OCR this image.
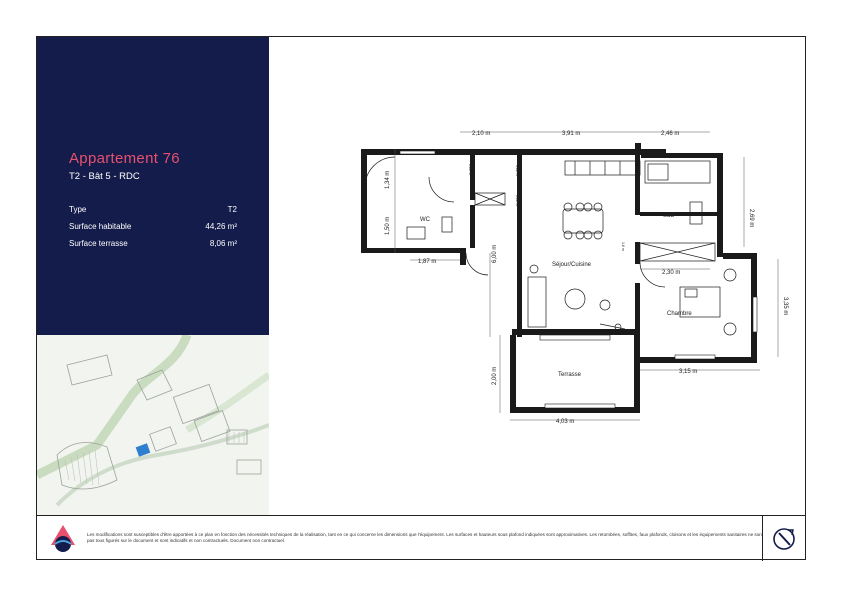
Appartement 76
T2 - Bât 5 - RDC
Type	T2
Surface habitable	44,26 m²
Surface terrasse	8,06 m²
WC
SdB
Séjour/Cuisine
Chambre
Terrasse
2,10 m	3,91 m	2,46 m
1,87 m
2,30 m
3,15 m
4,03 m
1,34 m
1,50 m	2,69 m
6,00 m
3,35 m
2,00 m
0,81 m	1,88 m
0,81 m
1,6 m
Les modifications sont susceptibles d'être apportées à ce plan en fonction des nécessités techniques de la réalisation, tant en ce qui concerne les dimensions que l'équipement. Les surfaces et hauteurs sous plafond indiquées sont approximatives. Les retombées, soffites, faux plafonds, cloisons et les équipements sanitaires ne sont pas tous figurés sur le document et sont indicatifs et non contractuels. Document non contractuel.
